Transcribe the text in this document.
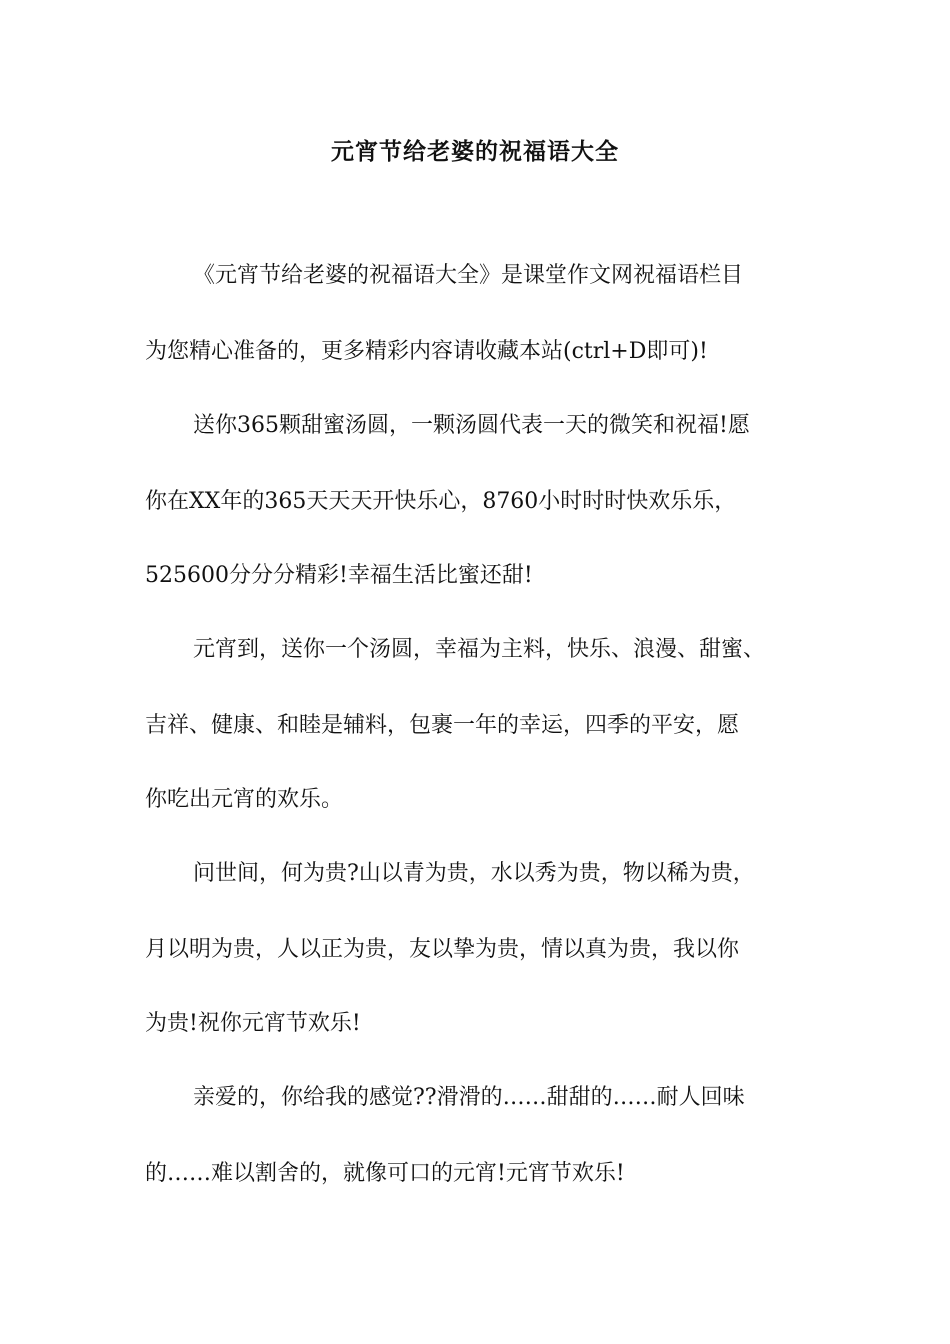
元宵节给老婆的祝福语大全
《元宵节给老婆的祝福语大全》是课堂作文网祝福语栏目
为您精心准备的，更多精彩内容请收藏本站(ctrl+D即可)!
送你365颗甜蜜汤圆，一颗汤圆代表一天的微笑和祝福!愿
你在XX年的365天天天开快乐心，8760小时时时快欢乐乐，
525600分分分精彩!幸福生活比蜜还甜!
元宵到，送你一个汤圆，幸福为主料，快乐、浪漫、甜蜜、
吉祥、健康、和睦是辅料，包裹一年的幸运，四季的平安，愿
你吃出元宵的欢乐。
问世间，何为贵?山以青为贵，水以秀为贵，物以稀为贵，
月以明为贵，人以正为贵，友以挚为贵，情以真为贵，我以你
为贵!祝你元宵节欢乐!
亲爱的，你给我的感觉??滑滑的……甜甜的……耐人回味
的……难以割舍的，就像可口的元宵!元宵节欢乐!
